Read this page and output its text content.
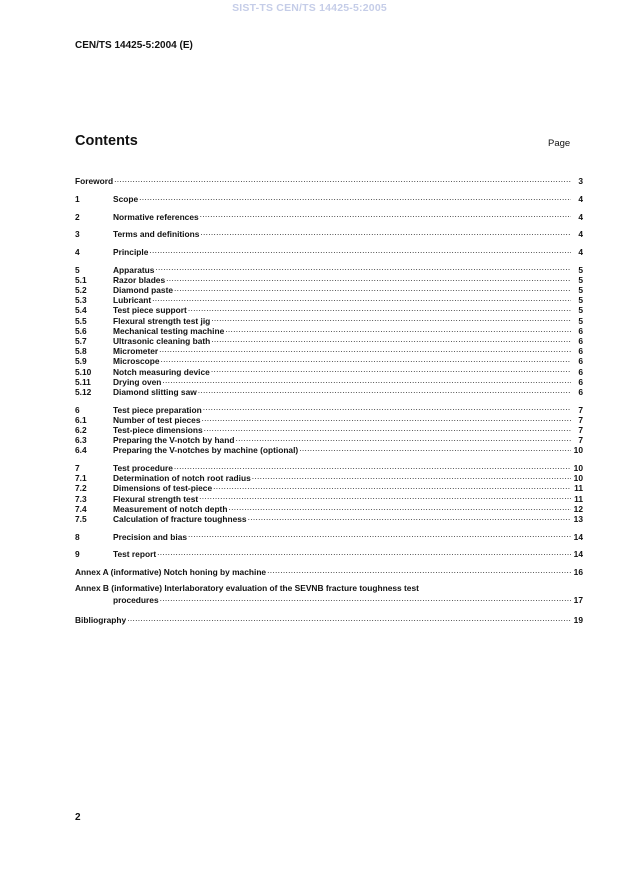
SIST-TS CEN/TS 14425-5:2005
CEN/TS 14425-5:2004 (E)
Contents	Page
Foreword .....	3
1	Scope .....	4
2	Normative references .....	4
3	Terms and definitions .....	4
4	Principle .....	4
5	Apparatus .....	5
5.1	Razor blades .....	5
5.2	Diamond paste .....	5
5.3	Lubricant .....	5
5.4	Test piece support .....	5
5.5	Flexural strength test jig .....	5
5.6	Mechanical testing machine .....	6
5.7	Ultrasonic cleaning bath .....	6
5.8	Micrometer .....	6
5.9	Microscope .....	6
5.10	Notch measuring device .....	6
5.11	Drying oven .....	6
5.12	Diamond slitting saw .....	6
6	Test piece preparation .....	7
6.1	Number of test pieces .....	7
6.2	Test-piece dimensions .....	7
6.3	Preparing the V-notch by hand .....	7
6.4	Preparing the V-notches by machine (optional) .....	10
7	Test procedure .....	10
7.1	Determination of notch root radius .....	10
7.2	Dimensions of test-piece .....	11
7.3	Flexural strength test .....	11
7.4	Measurement of notch depth .....	12
7.5	Calculation of fracture toughness .....	13
8	Precision and bias .....	14
9	Test report .....	14
Annex A (informative) Notch honing by machine .....	16
Annex B (informative) Interlaboratory evaluation of the SEVNB fracture toughness test
procedures .....	17
Bibliography .....	19
2
